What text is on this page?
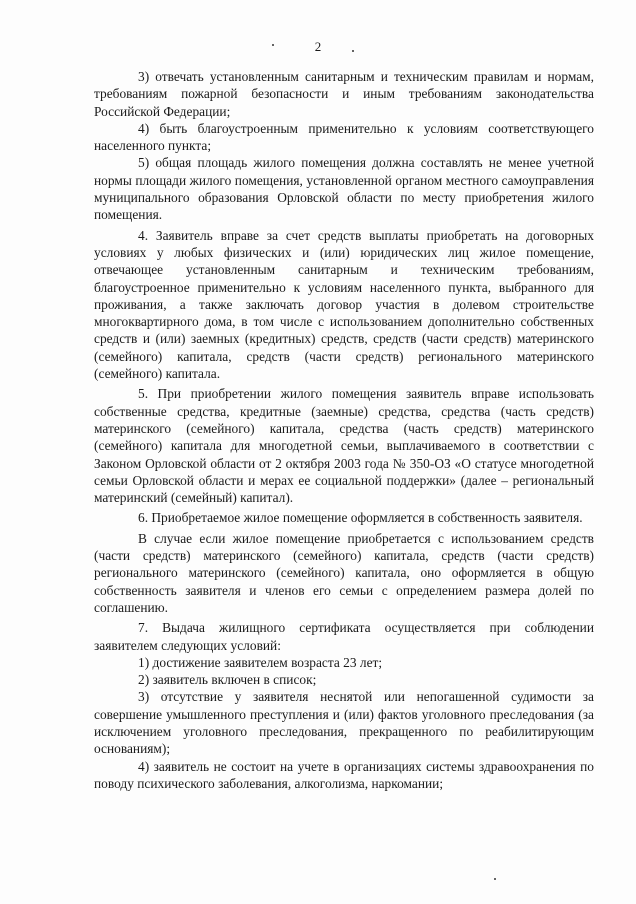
2

3) отвечать установленным санитарным и техническим правилам и нормам, требованиям пожарной безопасности и иным требованиям законодательства Российской Федерации;

4) быть благоустроенным применительно к условиям соответствующего населенного пункта;

5) общая площадь жилого помещения должна составлять не менее учетной нормы площади жилого помещения, установленной органом местного самоуправления муниципального образования Орловской области по месту приобретения жилого помещения.

4. Заявитель вправе за счет средств выплаты приобретать на договорных условиях у любых физических и (или) юридических лиц жилое помещение, отвечающее установленным санитарным и техническим требованиям, благоустроенное применительно к условиям населенного пункта, выбранного для проживания, а также заключать договор участия в долевом строительстве многоквартирного дома, в том числе с использованием дополнительно собственных средств и (или) заемных (кредитных) средств, средств (части средств) материнского (семейного) капитала, средств (части средств) регионального материнского (семейного) капитала.

5. При приобретении жилого помещения заявитель вправе использовать собственные средства, кредитные (заемные) средства, средства (часть средств) материнского (семейного) капитала, средства (часть средств) материнского (семейного) капитала для многодетной семьи, выплачиваемого в соответствии с Законом Орловской области от 2 октября 2003 года № 350-ОЗ «О статусе многодетной семьи Орловской области и мерах ее социальной поддержки» (далее – региональный материнский (семейный) капитал).

6. Приобретаемое жилое помещение оформляется в собственность заявителя.

В случае если жилое помещение приобретается с использованием средств (части средств) материнского (семейного) капитала, средств (части средств) регионального материнского (семейного) капитала, оно оформляется в общую собственность заявителя и членов его семьи с определением размера долей по соглашению.

7. Выдача жилищного сертификата осуществляется при соблюдении заявителем следующих условий:

1) достижение заявителем возраста 23 лет;

2) заявитель включен в список;

3) отсутствие у заявителя неснятой или непогашенной судимости за совершение умышленного преступления и (или) фактов уголовного преследования (за исключением уголовного преследования, прекращенного по реабилитирующим основаниям);

4) заявитель не состоит на учете в организациях системы здравоохранения по поводу психического заболевания, алкоголизма, наркомании;
